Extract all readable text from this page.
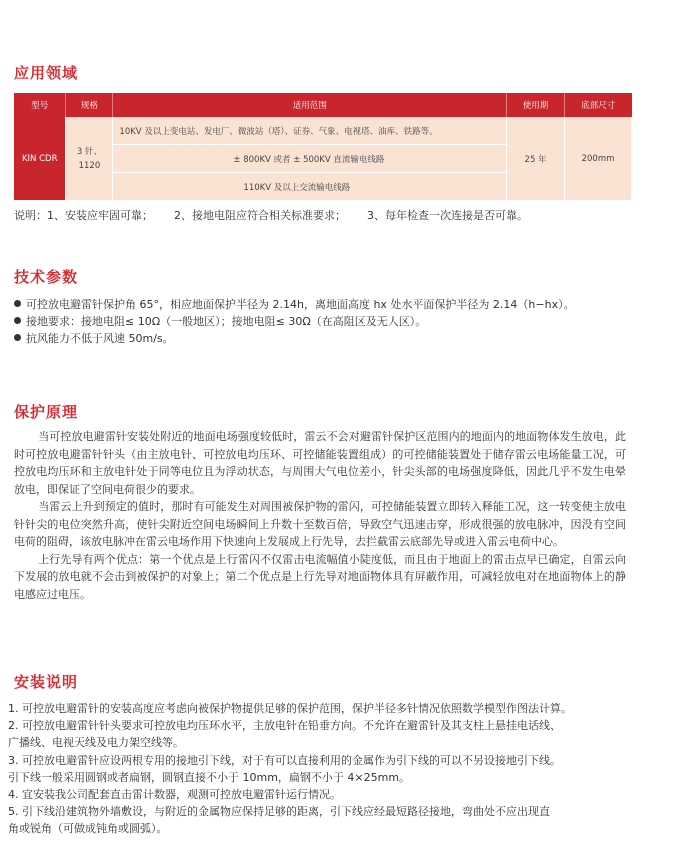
应用领域
型号	规格	适用范围	使用期	底部尺寸
KIN CDR	3 针、1120	10KV 及以上变电站、发电厂、微波站（塔）、证券、气象、电视塔、油库、铁路等。	25 年	200mm
		± 800KV 或者 ± 500KV 直流输电线路		
		110KV 及以上交流输电线路		
说明：1、安装应牢固可靠；      2、接地电阻应符合相关标准要求；      3、每年检查一次连接是否可靠。
技术参数
可控放电避雷针保护角 65°，相应地面保护半径为 2.14h，离地面高度 hx 处水平面保护半径为 2.14（h−hx）。
接地要求：接地电阻≤ 10Ω（一般地区）；接地电阻≤ 30Ω（在高阻区及无人区）。
抗风能力不低于风速 50m/s。
保护原理

当可控放电避雷针安装处附近的地面电场强度较低时，雷云不会对避雷针保护区范围内的地面内的地面物体发生放电，此时可控放电避雷针针头（由主放电针、可控放电均压环、可控储能装置组成）的可控储能装置处于储存雷云电场能量工况，可控放电均压环和主放电针处于同等电位且为浮动状态，与周围大气电位差小，针尖头部的电场强度降低，因此几乎不发生电晕放电，即保证了空间电荷很少的要求。

当雷云上升到预定的值时，那时有可能发生对周围被保护物的雷闪，可控储能装置立即转入释能工况，这一转变使主放电针针尖的电位突然升高，使针尖附近空间电场瞬间上升数十至数百倍，导致空气迅速击穿，形成很强的放电脉冲，因没有空间电荷的阻碍，该放电脉冲在雷云电场作用下快速向上发展成上行先导，去拦截雷云底部先导或进入雷云电荷中心。

上行先导有两个优点：第一个优点是上行雷闪不仅雷击电流幅值小陡度低，而且由于地面上的雷击点早已确定，自雷云向下发展的放电就不会击到被保护的对象上；第二个优点是上行先导对地面物体具有屏蔽作用，可减轻放电对在地面物体上的静电感应过电压。

安装说明
1. 可控放电避雷针的安装高度应考虑向被保护物提供足够的保护范围，保护半径多针情况依照数学模型作图法计算。
2. 可控放电避雷针针头要求可控放电均压环水平，主放电针在铅垂方向。不允许在避雷针及其支柱上悬挂电话线、
广播线、电视天线及电力架空线等。
3. 可控放电避雷针应设两根专用的接地引下线，对于有可以直接利用的金属作为引下线的可以不另设接地引下线。
引下线一般采用圆钢或者扁钢，圆钢直接不小于 10mm，扁钢不小于 4×25mm。
4. 宜安装我公司配套直击雷计数器，观测可控放电避雷针运行情况。
5. 引下线沿建筑物外墙敷设，与附近的金属物应保持足够的距离，引下线应经最短路径接地，弯曲处不应出现直
角或锐角（可做成钝角或圆弧）。
